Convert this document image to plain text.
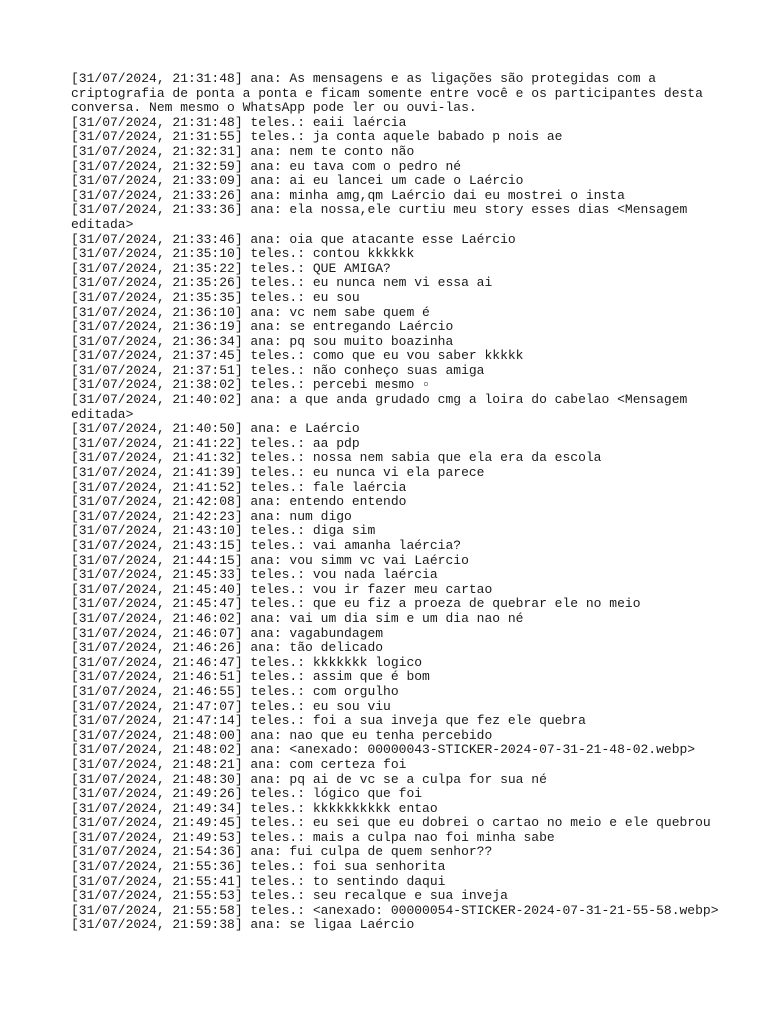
[31/07/2024, 21:31:48] ana: As mensagens e as ligações são protegidas com a criptografia de ponta a ponta e ficam somente entre você e os participantes desta conversa. Nem mesmo o WhatsApp pode ler ou ouvi-las.
[31/07/2024, 21:31:48] teles.: eaii laércia
[31/07/2024, 21:31:55] teles.: ja conta aquele babado p nois ae
[31/07/2024, 21:32:31] ana: nem te conto não
[31/07/2024, 21:32:59] ana: eu tava com o pedro né
[31/07/2024, 21:33:09] ana: ai eu lancei um cade o Laércio
[31/07/2024, 21:33:26] ana: minha amg,qm Laércio dai eu mostrei o insta
[31/07/2024, 21:33:36] ana: ela nossa,ele curtiu meu story esses dias <Mensagem editada>
[31/07/2024, 21:33:46] ana: oia que atacante esse Laércio
[31/07/2024, 21:35:10] teles.: contou kkkkkk
[31/07/2024, 21:35:22] teles.: QUE AMIGA?
[31/07/2024, 21:35:26] teles.: eu nunca nem vi essa ai
[31/07/2024, 21:35:35] teles.: eu sou
[31/07/2024, 21:36:10] ana: vc nem sabe quem é
[31/07/2024, 21:36:19] ana: se entregando Laércio
[31/07/2024, 21:36:34] ana: pq sou muito boazinha
[31/07/2024, 21:37:45] teles.: como que eu vou saber kkkkk
[31/07/2024, 21:37:51] teles.: não conheço suas amiga
[31/07/2024, 21:38:02] teles.: percebi mesmo ▫
[31/07/2024, 21:40:02] ana: a que anda grudado cmg a loira do cabelao <Mensagem editada>
[31/07/2024, 21:40:50] ana: e Laércio
[31/07/2024, 21:41:22] teles.: aa pdp
[31/07/2024, 21:41:32] teles.: nossa nem sabia que ela era da escola
[31/07/2024, 21:41:39] teles.: eu nunca vi ela parece
[31/07/2024, 21:41:52] teles.: fale laércia
[31/07/2024, 21:42:08] ana: entendo entendo
[31/07/2024, 21:42:23] ana: num digo
[31/07/2024, 21:43:10] teles.: diga sim
[31/07/2024, 21:43:15] teles.: vai amanha laércia?
[31/07/2024, 21:44:15] ana: vou simm vc vai Laércio
[31/07/2024, 21:45:33] teles.: vou nada laércia
[31/07/2024, 21:45:40] teles.: vou ir fazer meu cartao
[31/07/2024, 21:45:47] teles.: que eu fiz a proeza de quebrar ele no meio
[31/07/2024, 21:46:02] ana: vai um dia sim e um dia nao né
[31/07/2024, 21:46:07] ana: vagabundagem
[31/07/2024, 21:46:26] ana: tão delicado
[31/07/2024, 21:46:47] teles.: kkkkkkk logico
[31/07/2024, 21:46:51] teles.: assim que é bom
[31/07/2024, 21:46:55] teles.: com orgulho
[31/07/2024, 21:47:07] teles.: eu sou viu
[31/07/2024, 21:47:14] teles.: foi a sua inveja que fez ele quebra
[31/07/2024, 21:48:00] ana: nao que eu tenha percebido
[31/07/2024, 21:48:02] ana: <anexado: 00000043-STICKER-2024-07-31-21-48-02.webp>
[31/07/2024, 21:48:21] ana: com certeza foi
[31/07/2024, 21:48:30] ana: pq ai de vc se a culpa for sua né
[31/07/2024, 21:49:26] teles.: lógico que foi
[31/07/2024, 21:49:34] teles.: kkkkkkkkkk entao
[31/07/2024, 21:49:45] teles.: eu sei que eu dobrei o cartao no meio e ele quebrou
[31/07/2024, 21:49:53] teles.: mais a culpa nao foi minha sabe
[31/07/2024, 21:54:36] ana: fui culpa de quem senhor??
[31/07/2024, 21:55:36] teles.: foi sua senhorita
[31/07/2024, 21:55:41] teles.: to sentindo daqui
[31/07/2024, 21:55:53] teles.: seu recalque e sua inveja
[31/07/2024, 21:55:58] teles.: <anexado: 00000054-STICKER-2024-07-31-21-55-58.webp>
[31/07/2024, 21:59:38] ana: se ligaa Laércio
